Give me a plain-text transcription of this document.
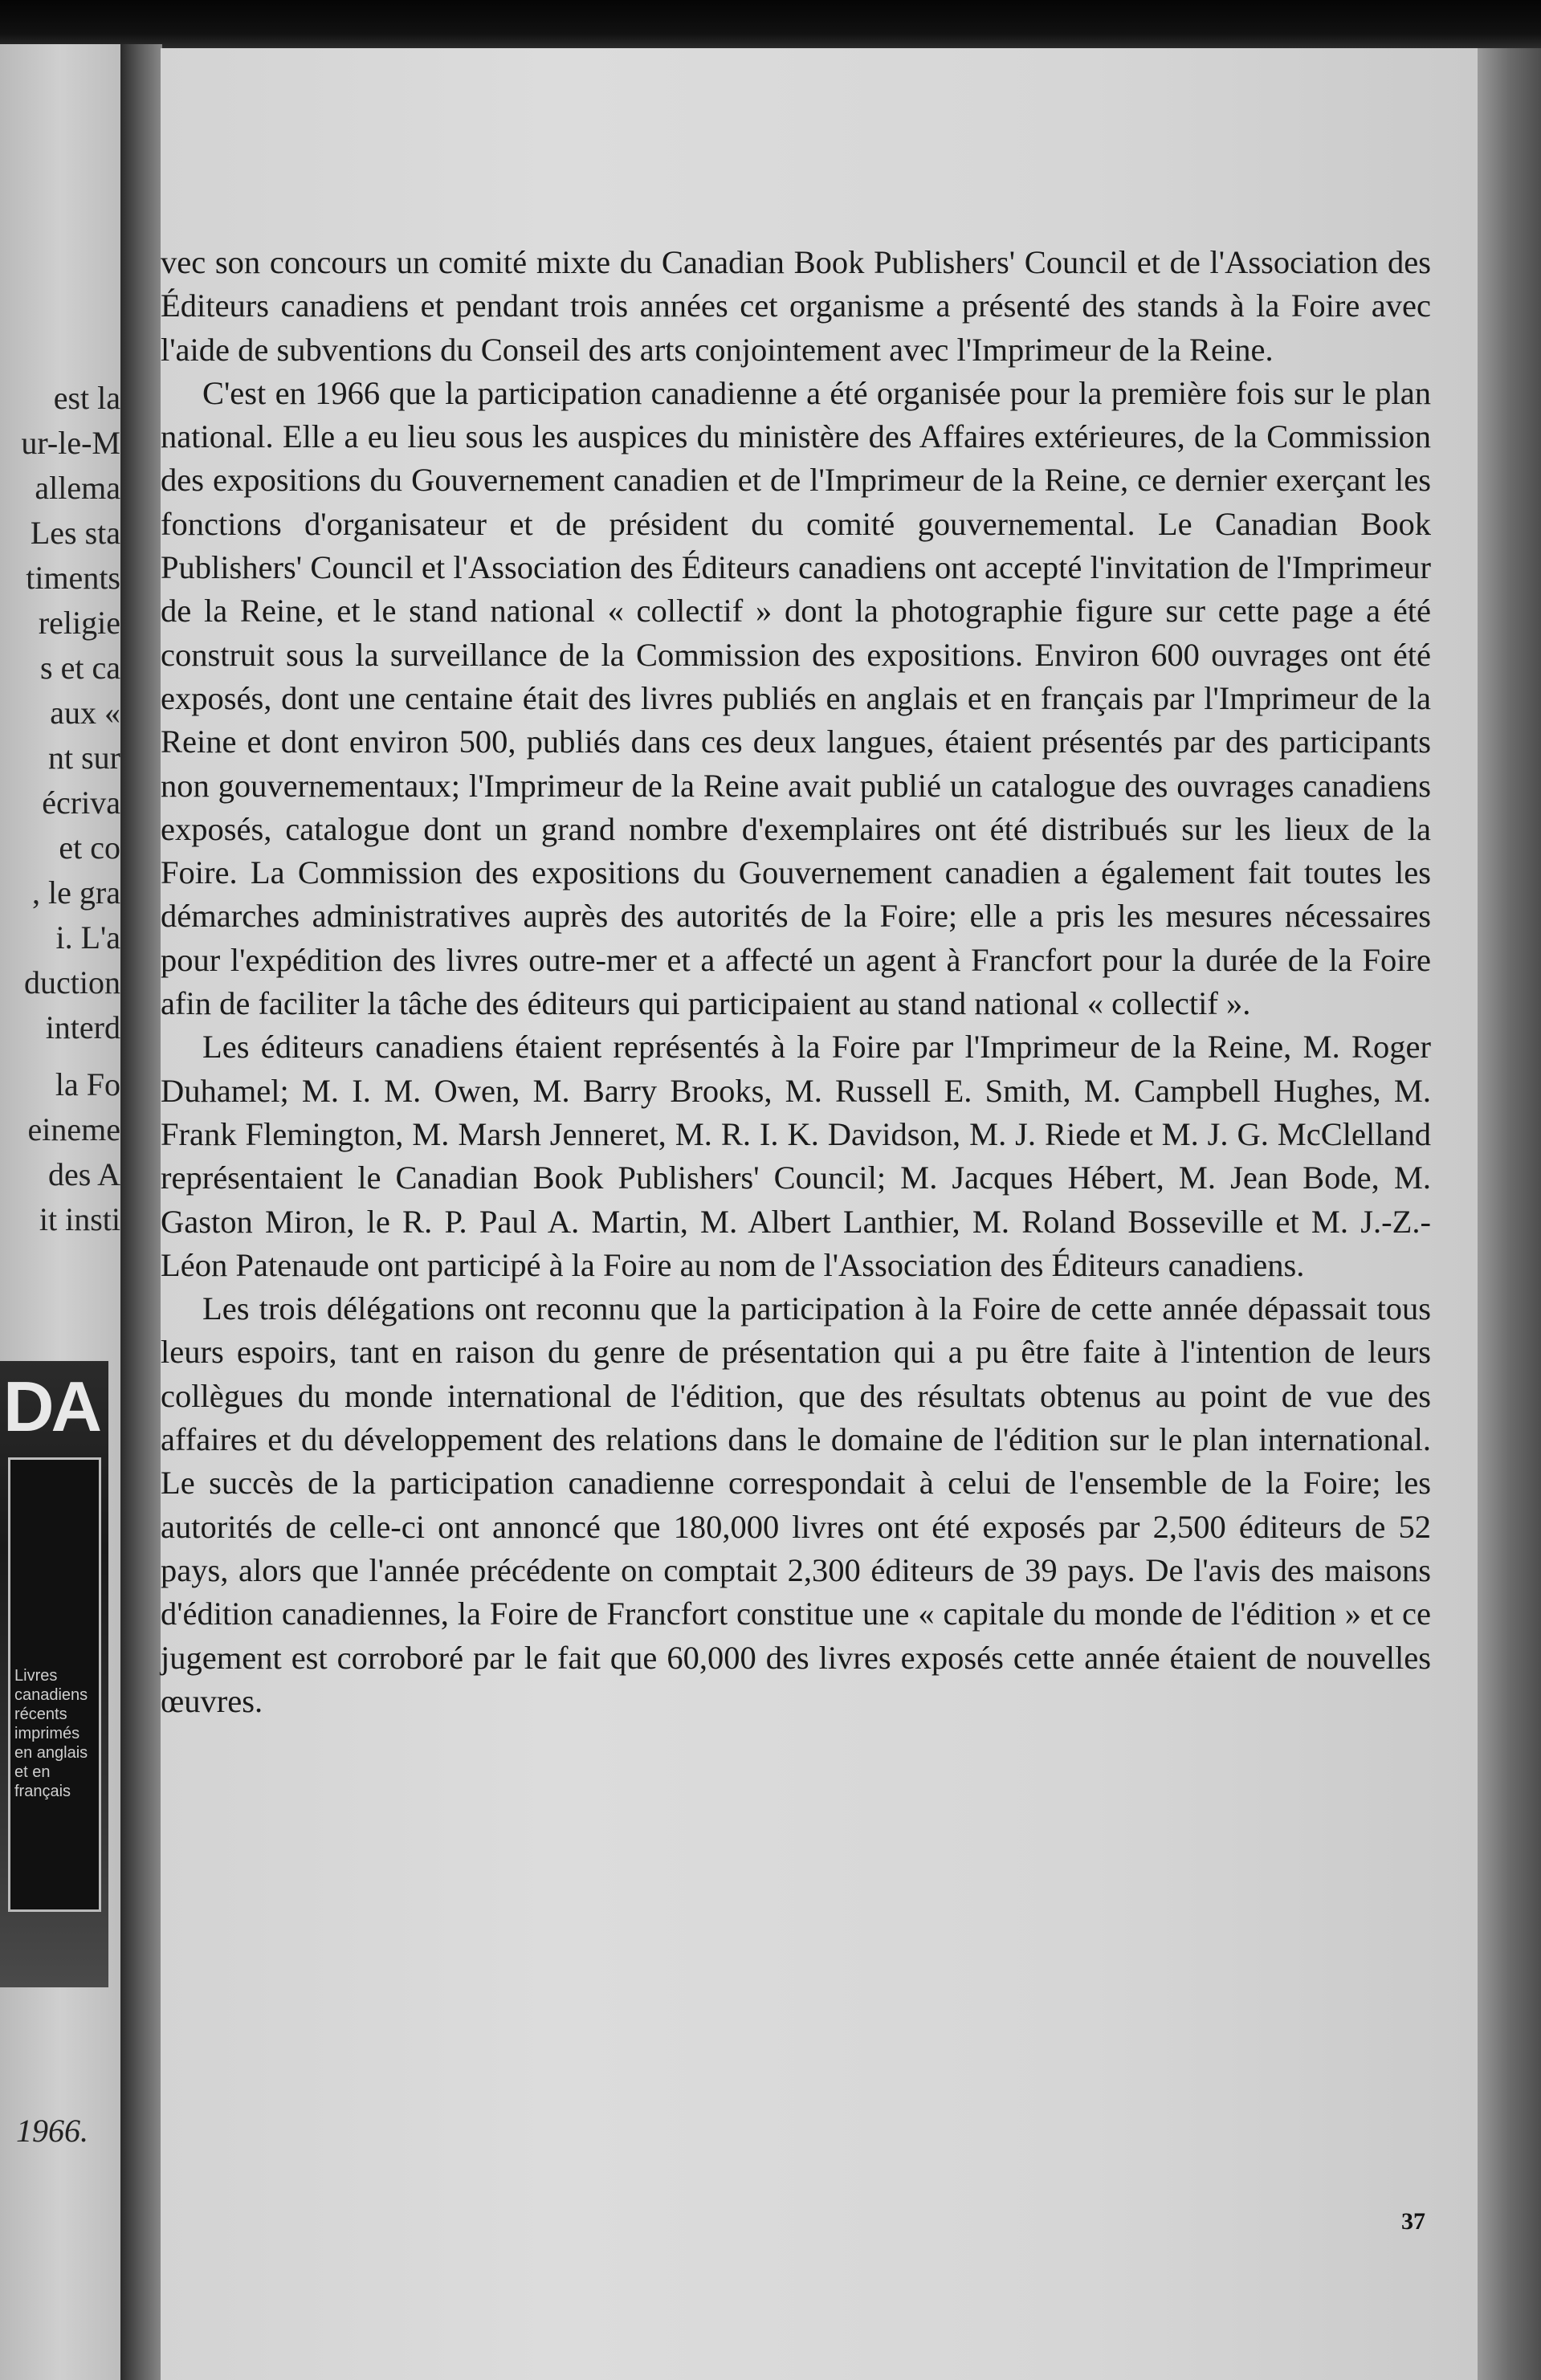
est la
ur-le-M
allema
Les sta
timents
religie
s et ca
aux «
nt sur
écriva
et co
, le gra
i. L'a
duction
interd
la Fo
eineme
des A
it insti
DA
Livres canadiens récents imprimés en anglais et en français
1966.

vec son concours un comité mixte du Canadian Book Publishers' Council et de l'Association des Éditeurs canadiens et pendant trois années cet organisme a présenté des stands à la Foire avec l'aide de subventions du Conseil des arts conjointement avec l'Imprimeur de la Reine.

C'est en 1966 que la participation canadienne a été organisée pour la première fois sur le plan national. Elle a eu lieu sous les auspices du ministère des Affaires extérieures, de la Commission des expositions du Gouvernement canadien et de l'Imprimeur de la Reine, ce dernier exerçant les fonctions d'organisateur et de président du comité gouvernemental. Le Canadian Book Publishers' Council et l'Association des Éditeurs canadiens ont accepté l'invitation de l'Imprimeur de la Reine, et le stand national « collectif » dont la photographie figure sur cette page a été construit sous la surveillance de la Commission des expositions. Environ 600 ouvrages ont été exposés, dont une centaine était des livres publiés en anglais et en français par l'Imprimeur de la Reine et dont environ 500, publiés dans ces deux langues, étaient présentés par des participants non gouvernementaux; l'Imprimeur de la Reine avait publié un catalogue des ouvrages canadiens exposés, catalogue dont un grand nombre d'exemplaires ont été distribués sur les lieux de la Foire. La Commission des expositions du Gouvernement canadien a également fait toutes les démarches administratives auprès des autorités de la Foire; elle a pris les mesures nécessaires pour l'expédition des livres outre-mer et a affecté un agent à Francfort pour la durée de la Foire afin de faciliter la tâche des éditeurs qui participaient au stand national « collectif ».

Les éditeurs canadiens étaient représentés à la Foire par l'Imprimeur de la Reine, M. Roger Duhamel; M. I. M. Owen, M. Barry Brooks, M. Russell E. Smith, M. Campbell Hughes, M. Frank Flemington, M. Marsh Jenneret, M. R. I. K. Davidson, M. J. Riede et M. J. G. McClelland représentaient le Canadian Book Publishers' Council; M. Jacques Hébert, M. Jean Bode, M. Gaston Miron, le R. P. Paul A. Martin, M. Albert Lanthier, M. Roland Bosseville et M. J.-Z.-Léon Patenaude ont participé à la Foire au nom de l'Association des Éditeurs canadiens.

Les trois délégations ont reconnu que la participation à la Foire de cette année dépassait tous leurs espoirs, tant en raison du genre de présentation qui a pu être faite à l'intention de leurs collègues du monde international de l'édition, que des résultats obtenus au point de vue des affaires et du développement des relations dans le domaine de l'édition sur le plan international. Le succès de la participation canadienne correspondait à celui de l'ensemble de la Foire; les autorités de celle-ci ont annoncé que 180,000 livres ont été exposés par 2,500 éditeurs de 52 pays, alors que l'année précédente on comptait 2,300 éditeurs de 39 pays. De l'avis des maisons d'édition canadiennes, la Foire de Francfort constitue une « capitale du monde de l'édition » et ce jugement est corroboré par le fait que 60,000 des livres exposés cette année étaient de nouvelles œuvres.

37
